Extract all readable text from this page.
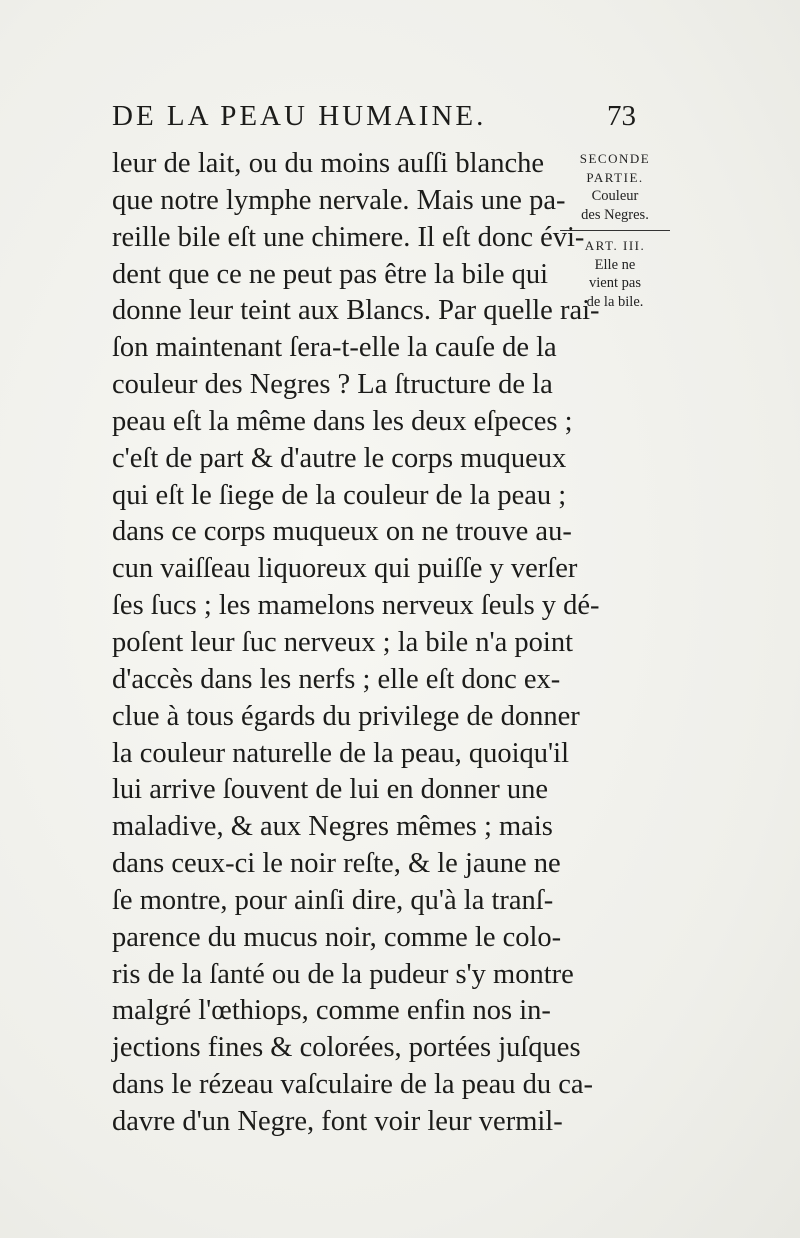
DE LA PEAU HUMAINE.	73
leur de lait, ou du moins auſſi blanche
que notre lymphe nervale. Mais une pa-
reille bile eſt une chimere. Il eſt donc évi-
dent que ce ne peut pas être la bile qui
donne leur teint aux Blancs. Par quelle rai-
ſon maintenant ſera-t-elle la cauſe de la
couleur des Negres ? La ſtructure de la
peau eſt la même dans les deux eſpeces ;
c'eſt de part & d'autre le corps muqueux
qui eſt le ſiege de la couleur de la peau ;
dans ce corps muqueux on ne trouve au-
cun vaiſſeau liquoreux qui puiſſe y verſer
ſes ſucs ; les mamelons nerveux ſeuls y dé-
poſent leur ſuc nerveux ; la bile n'a point
d'accès dans les nerfs ; elle eſt donc ex-
clue à tous égards du privilege de donner
la couleur naturelle de la peau, quoiqu'il
lui arrive ſouvent de lui en donner une
maladive, & aux Negres mêmes ; mais
dans ceux-ci le noir reſte, & le jaune ne
ſe montre, pour ainſi dire, qu'à la tranſ-
parence du mucus noir, comme le colo-
ris de la ſanté ou de la pudeur s'y montre
malgré l'œthiops, comme enfin nos in-
jections fines & colorées, portées juſques
dans le rézeau vaſculaire de la peau du ca-
davre d'un Negre, font voir leur vermil-
SECONDE
PARTIE.
Couleur
des Negres.
ART. III.
Elle ne
vient pas
de la bile.
